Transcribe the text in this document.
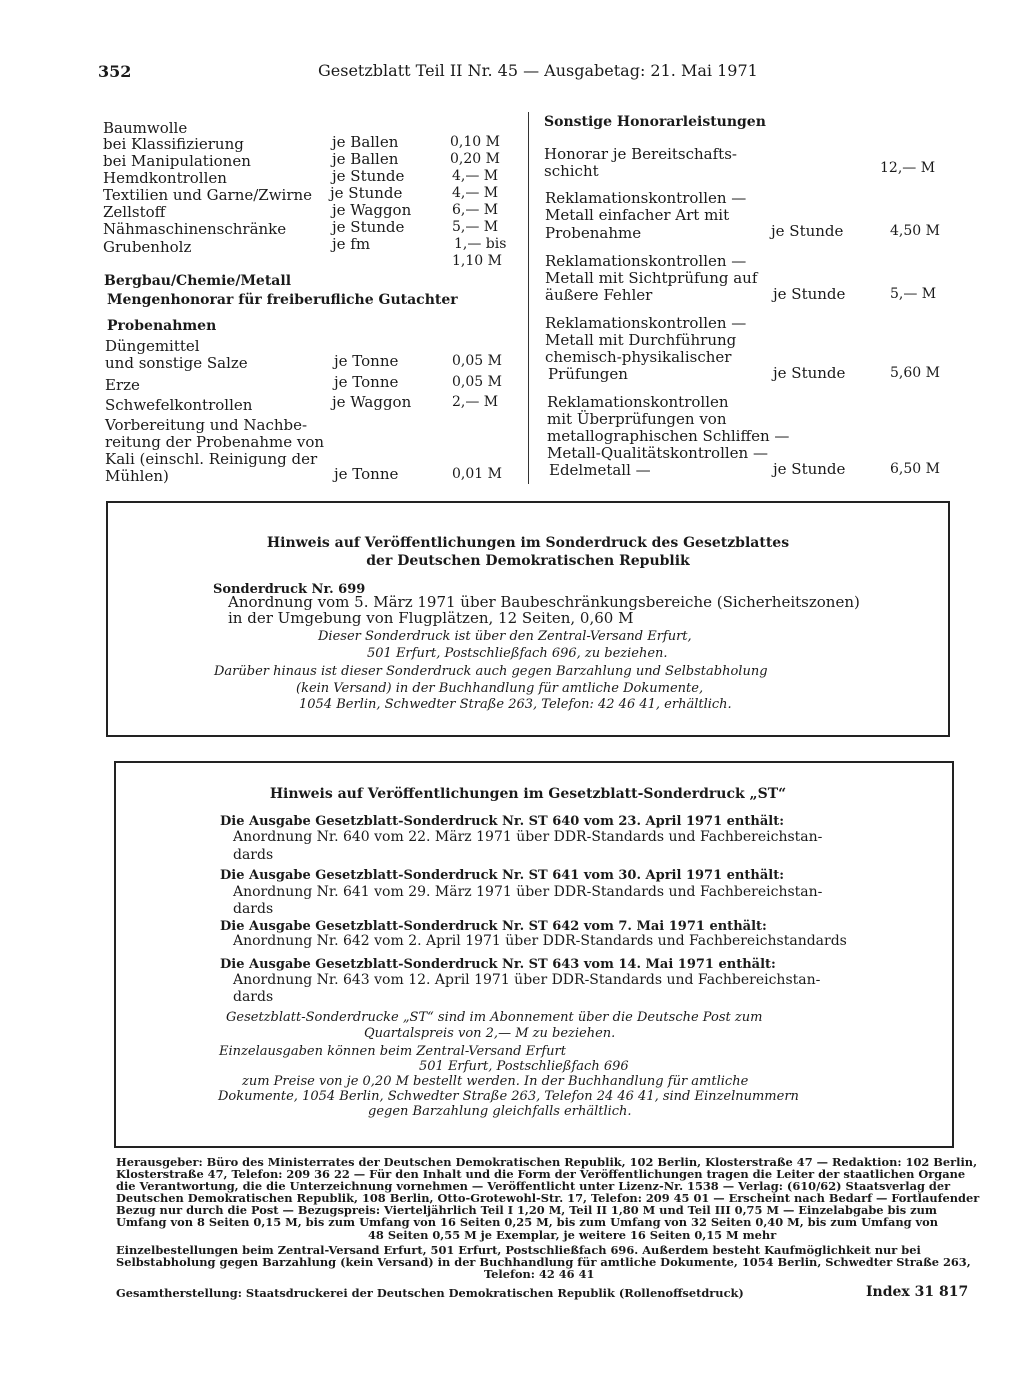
352	Gesetzblatt Teil II Nr. 45 — Ausgabetag: 21. Mai 1971
Baumwolle
bei Klassifizierung	je Ballen	0,10 M
bei Manipulationen	je Ballen	0,20 M
Hemdkontrollen	je Stunde	4,— M
Textilien und Garne/Zwirne je Stunde	4,— M
Zellstoff	je Waggon	6,— M
Nähmaschinenschränke	je Stunde	5,— M
Grubenholz	je fm	1,— bis
1,10 M
Bergbau/Chemie/Metall
Mengenhonorar für freiberufliche Gutachter
Probenahmen
Düngemittel
und sonstige Salze	je Tonne	0,05 M
Erze	je Tonne	0,05 M
Schwefelkontrollen	je Waggon	2,— M
Vorbereitung und Nachbe-
reitung der Probenahme von
Kali (einschl. Reinigung der
Mühlen)	je Tonne	0,01 M
Sonstige Honorarleistungen
Honorar je Bereitschafts-
schicht	12,— M
Reklamationskontrollen —
Metall einfacher Art mit
Probenahme	je Stunde	4,50 M
Reklamationskontrollen —
Metall mit Sichtprüfung auf
äußere Fehler	je Stunde	5,— M
Reklamationskontrollen —
Metall mit Durchführung
chemisch-physikalischer
Prüfungen	je Stunde	5,60 M
Reklamationskontrollen
mit Überprüfungen von
metallographischen Schliffen —
Metall-Qualitätskontrollen —
Edelmetall —	je Stunde	6,50 M
Hinweis auf Veröffentlichungen im Sonderdruck des Gesetzblattes
der Deutschen Demokratischen Republik
Sonderdruck Nr. 699
Anordnung vom 5. März 1971 über Baubeschränkungsbereiche (Sicherheitszonen)
in der Umgebung von Flugplätzen, 12 Seiten, 0,60 M
Dieser Sonderdruck ist über den Zentral-Versand Erfurt,
501 Erfurt, Postschließfach 696, zu beziehen.
Darüber hinaus ist dieser Sonderdruck auch gegen Barzahlung und Selbstabholung
(kein Versand) in der Buchhandlung für amtliche Dokumente,
1054 Berlin, Schwedter Straße 263, Telefon: 42 46 41, erhältlich.
Hinweis auf Veröffentlichungen im Gesetzblatt-Sonderdruck „ST“
Die Ausgabe Gesetzblatt-Sonderdruck Nr. ST 640 vom 23. April 1971 enthält:
Anordnung Nr. 640 vom 22. März 1971 über DDR-Standards und Fachbereichstan-
dards
Die Ausgabe Gesetzblatt-Sonderdruck Nr. ST 641 vom 30. April 1971 enthält:
Anordnung Nr. 641 vom 29. März 1971 über DDR-Standards und Fachbereichstan-
dards
Die Ausgabe Gesetzblatt-Sonderdruck Nr. ST 642 vom 7. Mai 1971 enthält:
Anordnung Nr. 642 vom 2. April 1971 über DDR-Standards und Fachbereichstandards
Die Ausgabe Gesetzblatt-Sonderdruck Nr. ST 643 vom 14. Mai 1971 enthält:
Anordnung Nr. 643 vom 12. April 1971 über DDR-Standards und Fachbereichstan-
dards
Gesetzblatt-Sonderdrucke „ST“ sind im Abonnement über die Deutsche Post zum
Quartalspreis von 2,— M zu beziehen.
Einzelausgaben können beim Zentral-Versand Erfurt
501 Erfurt, Postschließfach 696
zum Preise von je 0,20 M bestellt werden. In der Buchhandlung für amtliche
Dokumente, 1054 Berlin, Schwedter Straße 263, Telefon 24 46 41, sind Einzelnummern
gegen Barzahlung gleichfalls erhältlich.
Herausgeber: Büro des Ministerrates der Deutschen Demokratischen Republik, 102 Berlin, Klosterstraße 47 — Redaktion: 102 Berlin,
Klosterstraße 47, Telefon: 209 36 22 — Für den Inhalt und die Form der Veröffentlichungen tragen die Leiter der staatlichen Organe
die Verantwortung, die die Unterzeichnung vornehmen — Veröffentlicht unter Lizenz-Nr. 1538 — Verlag: (610/62) Staatsverlag der
Deutschen Demokratischen Republik, 108 Berlin, Otto-Grotewohl-Str. 17, Telefon: 209 45 01 — Erscheint nach Bedarf — Fortlaufender
Bezug nur durch die Post — Bezugspreis: Vierteljährlich Teil I 1,20 M, Teil II 1,80 M und Teil III 0,75 M — Einzelabgabe bis zum
Umfang von 8 Seiten 0,15 M, bis zum Umfang von 16 Seiten 0,25 M, bis zum Umfang von 32 Seiten 0,40 M, bis zum Umfang von
48 Seiten 0,55 M je Exemplar, je weitere 16 Seiten 0,15 M mehr
Einzelbestellungen beim Zentral-Versand Erfurt, 501 Erfurt, Postschließfach 696. Außerdem besteht Kaufmöglichkeit nur bei
Selbstabholung gegen Barzahlung (kein Versand) in der Buchhandlung für amtliche Dokumente, 1054 Berlin, Schwedter Straße 263,
Telefon: 42 46 41
Gesamtherstellung: Staatsdruckerei der Deutschen Demokratischen Republik (Rollenoffsetdruck)	Index 31 817
